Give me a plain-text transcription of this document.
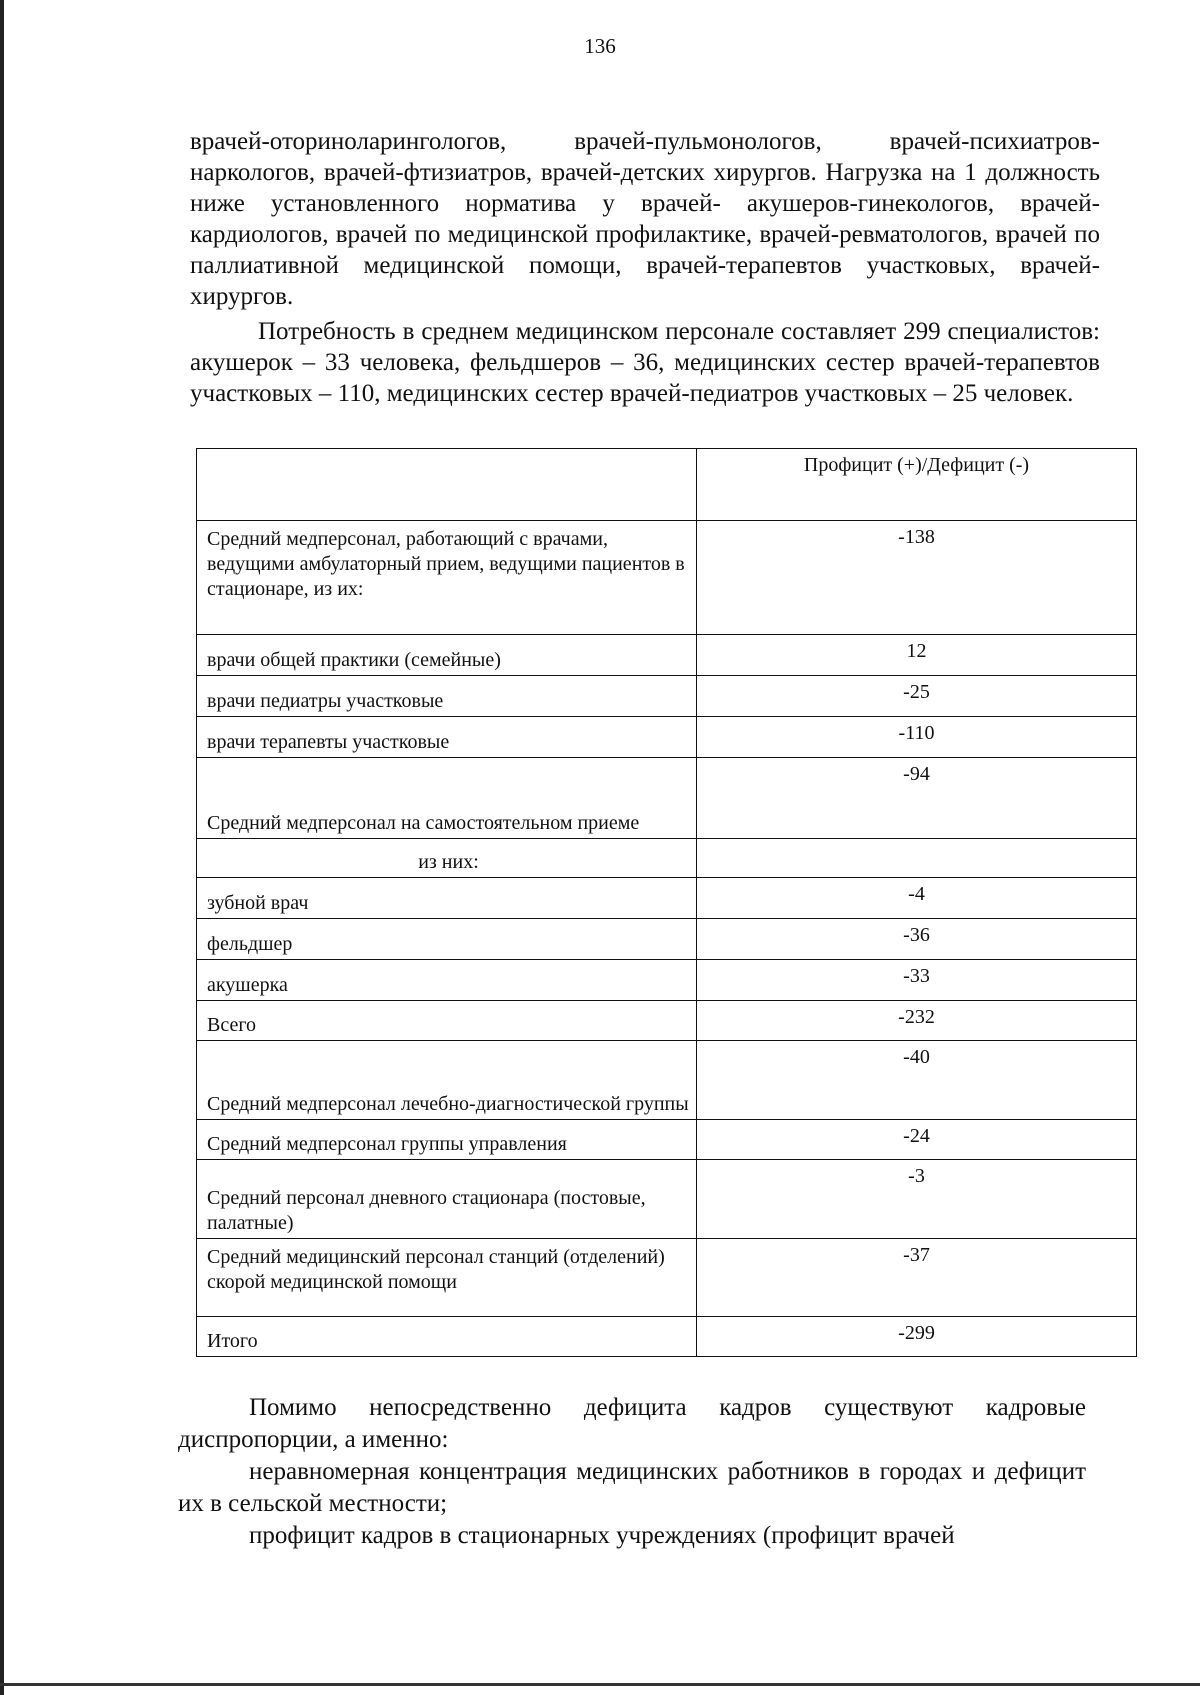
136

врачей-оториноларингологов, врачей-пульмонологов, врачей-психиатров-наркологов, врачей-фтизиатров, врачей-детских хирургов. Нагрузка на 1 должность ниже установленного норматива у врачей- акушеров-гинекологов, врачей-кардиологов, врачей по медицинской профилактике, врачей-ревматологов, врачей по паллиативной медицинской помощи, врачей-терапевтов участковых, врачей-хирургов.

Потребность в среднем медицинском персонале составляет 299 специалистов: акушерок – 33 человека, фельдшеров – 36, медицинских сестер врачей-терапевтов участковых – 110, медицинских сестер врачей-педиатров участковых – 25 человек.

	Профицит (+)/Дефицит (-)
Средний медперсонал, работающий с врачами, ведущими амбулаторный прием, ведущими пациентов в стационаре, из их:	-138
врачи общей практики (семейные)	12
врачи педиатры участковые	-25
врачи терапевты участковые	-110
Средний медперсонал на самостоятельном приеме	-94
из них:	
зубной врач	-4
фельдшер	-36
акушерка	-33
Всего	-232
Средний медперсонал лечебно-диагностической группы	-40
Средний медперсонал группы управления	-24
Средний персонал дневного стационара (постовые, палатные)	-3
Средний медицинский персонал станций (отделений) скорой медицинской помощи	-37
Итого	-299

Помимо непосредственно дефицита кадров существуют кадровые диспропорции, а именно:

неравномерная концентрация медицинских работников в городах и дефицит их в сельской местности;

профицит кадров в стационарных учреждениях (профицит врачей
